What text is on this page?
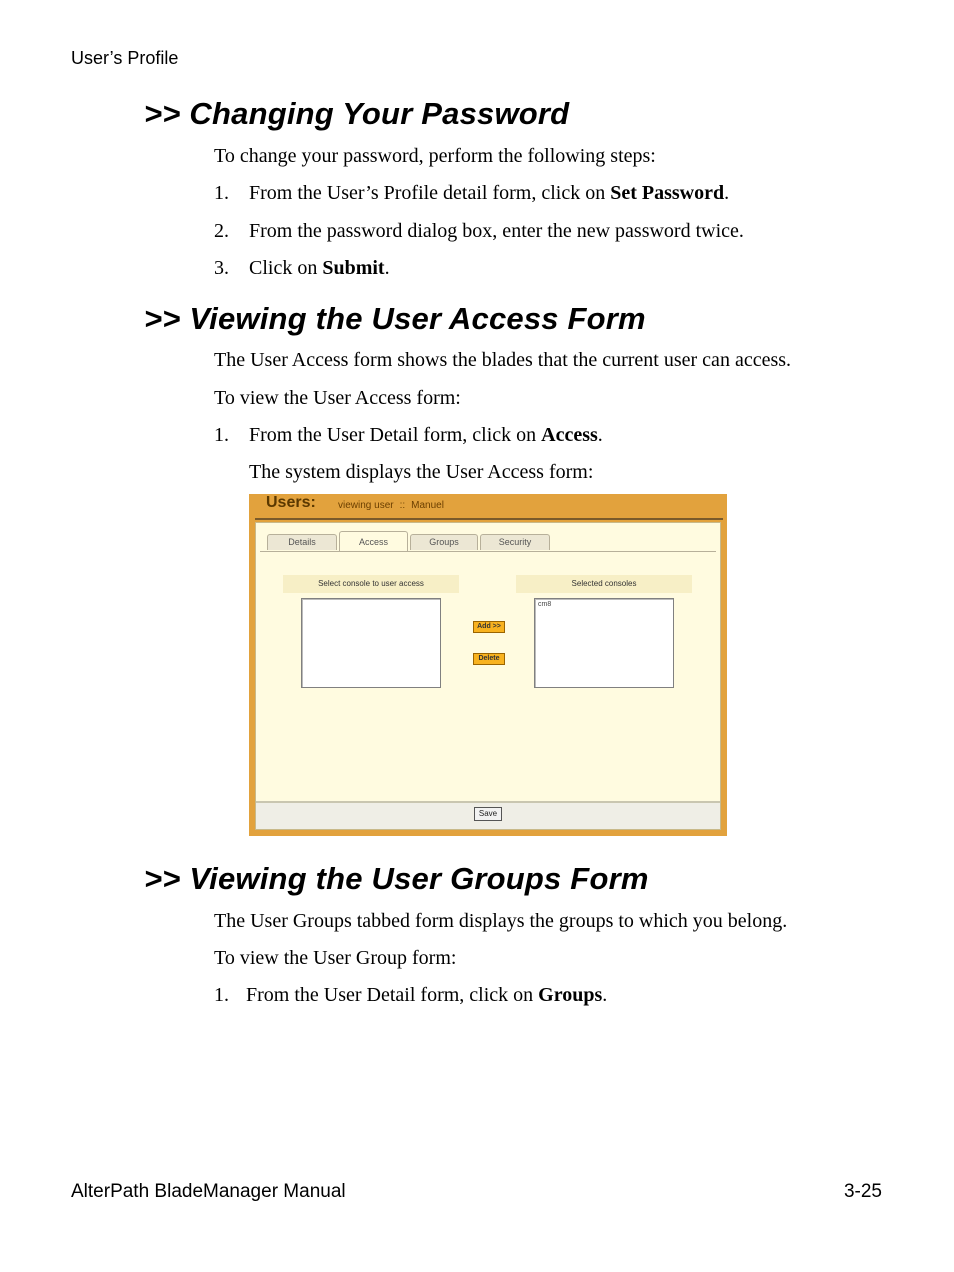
User’s Profile
>> Changing Your Password
To change your password, perform the following steps:
1. From the User’s Profile detail form, click on Set Password.
2. From the password dialog box, enter the new password twice.
3. Click on Submit.
>> Viewing the User Access Form
The User Access form shows the blades that the current user can access.
To view the User Access form:
1. From the User Detail form, click on Access.
The system displays the User Access form:
Users: viewing user :: Manuel
Details	Access	Groups	Security
Select console to user access	Selected consoles
cm8
Add >>
Delete
Save
>> Viewing the User Groups Form
The User Groups tabbed form displays the groups to which you belong.
To view the User Group form:
1. From the User Detail form, click on Groups.
AlterPath BladeManager Manual	3-25
